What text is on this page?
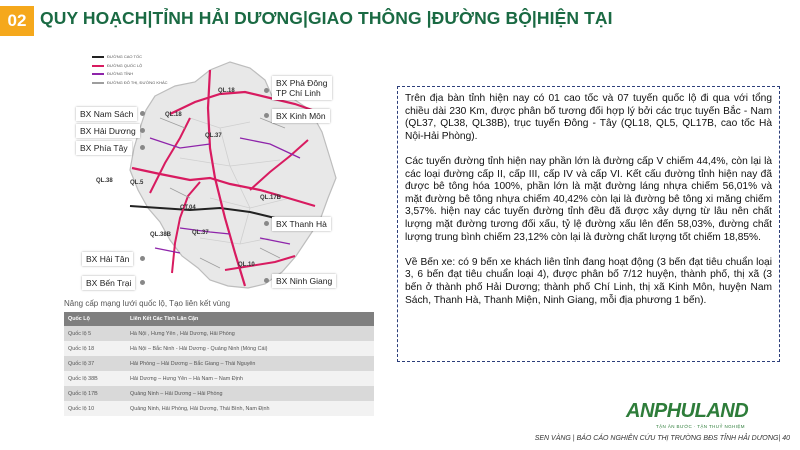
02 QUY HOẠCH|TỈNH HẢI DƯƠNG|GIAO THÔNG |ĐƯỜNG BỘ|HIỆN TẠI
ĐƯỜNG CAO TỐC
ĐƯỜNG QUỐC LỘ
ĐƯỜNG TỈNH
ĐƯỜNG ĐÔ THỊ, ĐƯỜNG KHÁC
QL.18
QL.18
QL.37
QL.37
QL.5
QL.17B
CT.04
QL.38B
QL.10
QL.38
BX Phả Đông
TP Chí Linh
BX Nam Sách
BX Hải Dương
BX Phía Tây
BX Kinh Môn
BX Thanh Hà
BX Hải Tân
BX Ninh Giang
BX Bến Trại
Nâng cấp mạng lưới quốc lộ, Tạo liên kết vùng
Quốc Lộ	Liên Kết Các Tỉnh Lân Cận
Quốc lộ 5	Hà Nội , Hưng Yên , Hải Dương, Hải Phòng
Quốc lộ 18	Hà Nội – Bắc Ninh - Hải Dương - Quảng Ninh (Móng Cái)
Quốc lộ 37	Hải Phòng – Hải Dương – Bắc Giang – Thái Nguyên
Quốc lộ 38B	Hải Dương – Hưng Yên – Hà Nam – Nam Định
Quốc lộ 17B	Quảng Ninh – Hải Dương – Hải Phòng
Quốc lộ 10	Quảng Ninh, Hải Phòng, Hải Dương, Thái Bình, Nam Định

Trên địa bàn tỉnh hiện nay có 01 cao tốc và 07 tuyến quốc lộ đi qua với tổng chiều dài 230 Km, được phân bố tương đối hợp lý bởi các trục tuyến Bắc - Nam (QL37, QL38, QL38B), trục tuyến Đông - Tây (QL18, QL5, QL17B, cao tốc Hà Nội-Hải Phòng).

Các tuyến đường tỉnh hiện nay phần lớn là đường cấp V chiếm 44,4%, còn lại là các loại đường cấp II, cấp III, cấp IV và cấp VI. Kết cấu đường tỉnh hiện nay đã được bê tông hóa 100%, phần lớn là mặt đường láng nhựa chiếm 56,01% và mặt đường bê tông nhựa chiếm 40,42% còn lại là đường bê tông xi măng chiếm 3,57%. hiện nay các tuyến đường tỉnh đều đã được xây dựng từ lâu nên chất lượng mặt đường tương đối xấu, tỷ lệ đường xấu lên đến 58,03%, đường chất lượng trung bình chiếm 23,12% còn lại là đường chất lượng tốt chiếm 18,85%.

Về Bến xe: có 9 bến xe khách liên tỉnh đang hoạt động (3 bến đạt tiêu chuẩn loại 3, 6 bến đạt tiêu chuẩn loại 4), được phân bố 7/12 huyện, thành phố, thị xã (3 bến ở thành phố Hải Dương; thành phố Chí Linh, thị xã Kinh Môn, huyện Nam Sách, Thanh Hà, Thanh Miện, Ninh Giang, mỗi địa phương 1 bến).

ANPHULAND
TẬN ÂN BƯỚC · TẬN THUỶ NGHIỆM
SEN VÀNG | BÁO CÁO NGHIÊN CỨU THỊ TRƯỜNG BĐS TỈNH HẢI DƯƠNG| 40
